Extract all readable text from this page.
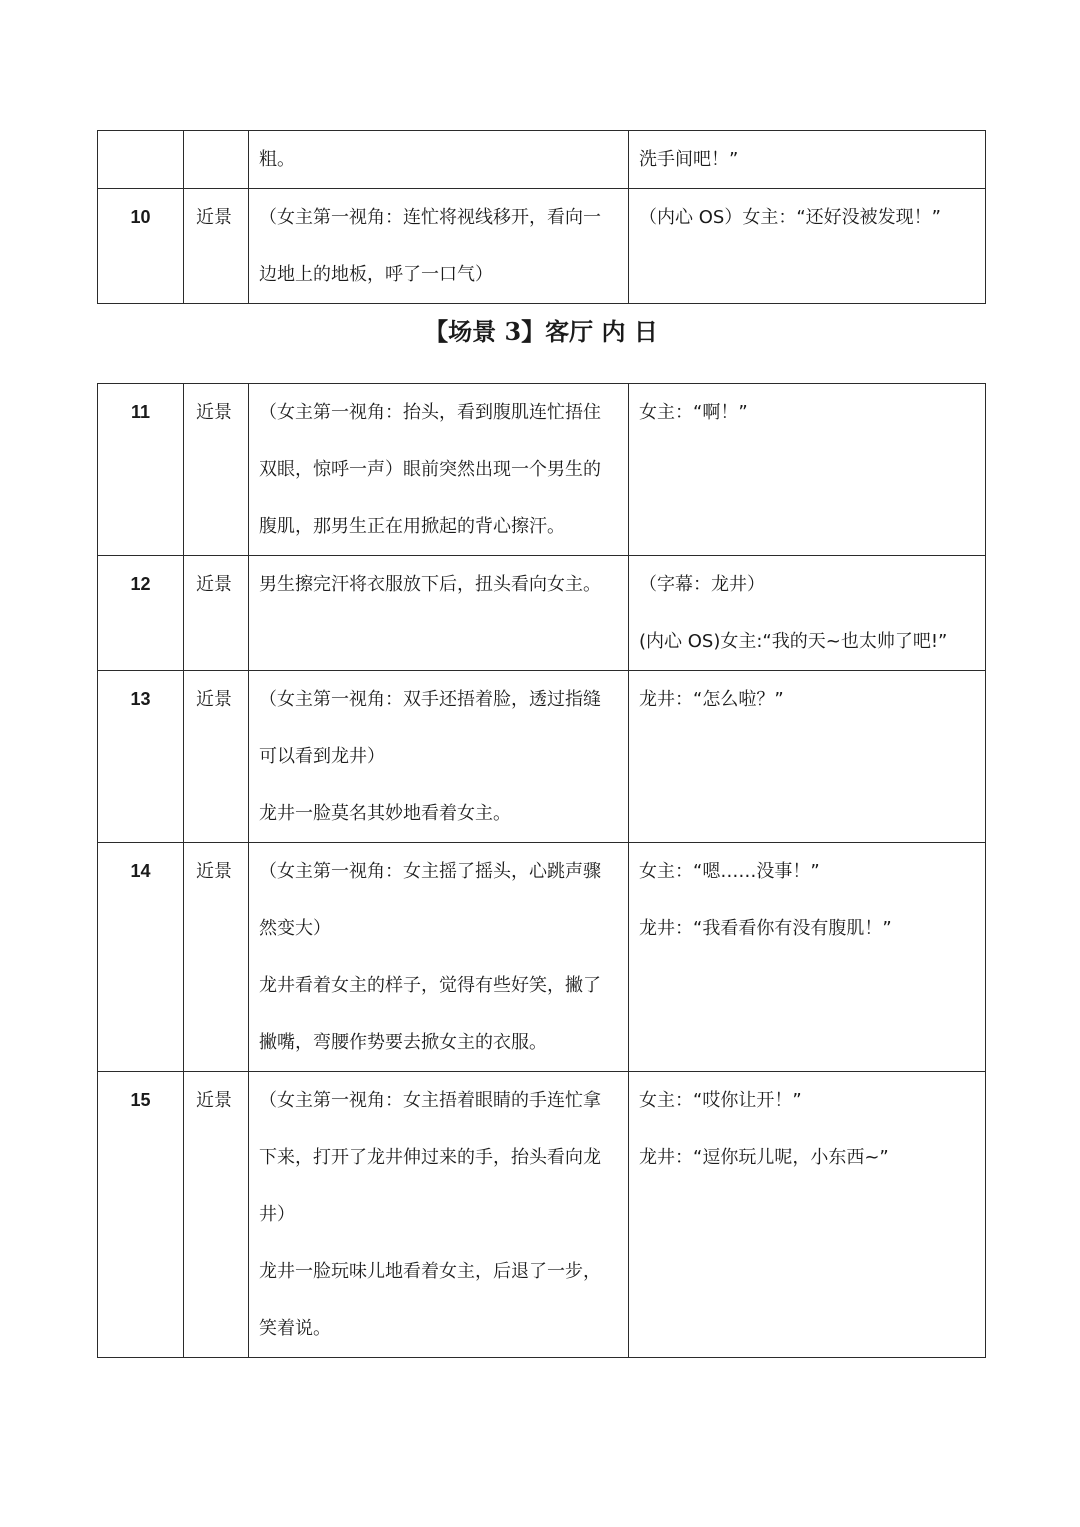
		粗。	洗手间吧！”

10	近景	（女主第一视角：连忙将视线移开，看向一
边地上的地板，呼了一口气）	（内心 OS）女主：“还好没被发现！”
【场景 3】客厅 内 日
11	近景	（女主第一视角：抬头，看到腹肌连忙捂住
双眼，惊呼一声）眼前突然出现一个男生的
腹肌，那男生正在用掀起的背心擦汗。	女主：“啊！”

12	近景	男生擦完汗将衣服放下后，扭头看向女主。	（字幕：龙井）
(内心 OS)女主:“我的天~也太帅了吧!”

13	近景	（女主第一视角：双手还捂着脸，透过指缝
可以看到龙井）
龙井一脸莫名其妙地看着女主。	龙井：“怎么啦？”

14	近景	（女主第一视角：女主摇了摇头，心跳声骤
然变大）
龙井看着女主的样子，觉得有些好笑，撇了
撇嘴，弯腰作势要去掀女主的衣服。	女主：“嗯……没事！”
龙井：“我看看你有没有腹肌！”

15	近景	（女主第一视角：女主捂着眼睛的手连忙拿
下来，打开了龙井伸过来的手，抬头看向龙
井）
龙井一脸玩味儿地看着女主，后退了一步，
笑着说。	女主：“哎你让开！”
龙井：“逗你玩儿呢，小东西~”
